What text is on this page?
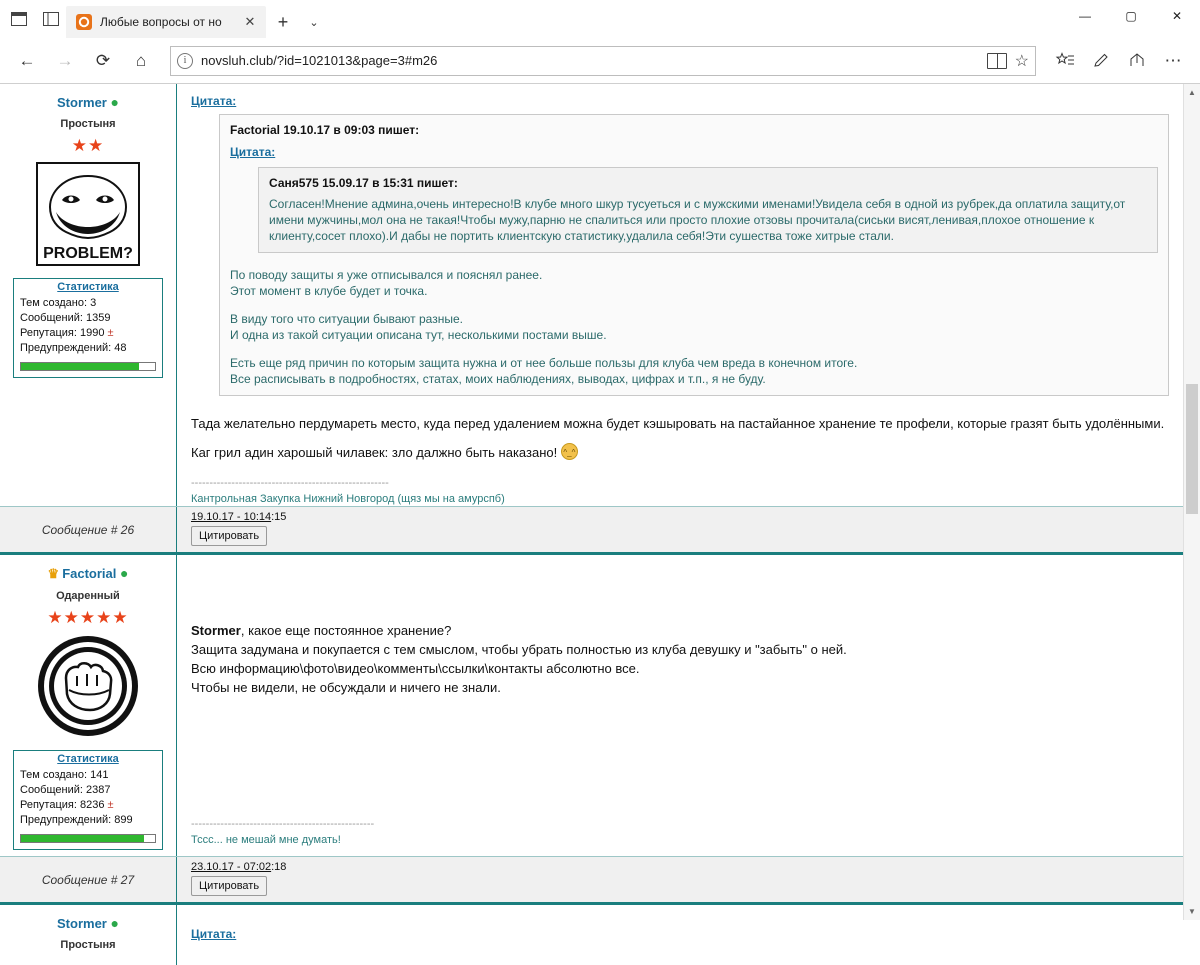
Любые вопросы от но	✕	+	⌄	—	▢	✕
←	→	⟳	⌂	i	novsluh.club/?id=1021013&page=3#m26	☆	⋯
Stormer ●
Простыня
★★
PROBLEM?
Статистика
Тем создано: 3
Сообщений: 1359
Репутация: 1990 ±
Предупреждений: 48
Цитата:
Factorial 19.10.17 в 09:03 пишет:
Цитата:
Саня575 15.09.17 в 15:31 пишет:
Согласен!Мнение админа,очень интересно!В клубе много шкур тусуеться и с мужскими именами!Увидела себя в одной из рубрек,да оплатила защиту,от имени мужчины,мол она не такая!Чтобы мужу,парню не спалиться или просто плохие отзовы прочитала(сиськи висят,ленивая,плохое отношение к клиенту,сосет плохо).И дабы не портить клиентскую статистику,удалила себя!Эти сушества тоже хитрые стали.
По поводу защиты я уже отписывался и пояснял ранее.
Этот момент в клубе будет и точка.
В виду того что ситуации бывают разные.
И одна из такой ситуации описана тут, несколькими постами выше.
Есть еще ряд причин по которым защита нужна и от нее больше пользы для клуба чем вреда в конечном итоге.
Все расписывать в подробностях, статах, моих наблюдениях, выводах, цифрах и т.п., я не буду.

Тада желательно пердумареть место, куда перед удалением можна будет кэшыровать на пастайанное хранение те профели, которые гразят быть удолёнными.

Каг грил адин харошый чилавек: зло далжно быть наказано! ^_^

------------------------------------------------------
Кантрольная Закупка Нижний Новгород (щяз мы на амурспб)
Сообщение # 26
19.10.17 - 10:14:15
Цитировать
♛ Factorial ●
Одаренный
★★★★★
Статистика
Тем создано: 141
Сообщений: 2387
Репутация: 8236 ±
Предупреждений: 899
Stormer, какое еще постоянное хранение?
Защита задумана и покупается с тем смыслом, чтобы убрать полностью из клуба девушку и "забыть" о ней.
Всю информацию\фото\видео\комменты\ссылки\контакты абсолютно все.
Чтобы не видели, не обсуждали и ничего не знали.
--------------------------------------------------
Тссс... не мешай мне думать!
Сообщение # 27
23.10.17 - 07:02:18
Цитировать
Stormer ●
Простыня
Цитата:
▲
▼
